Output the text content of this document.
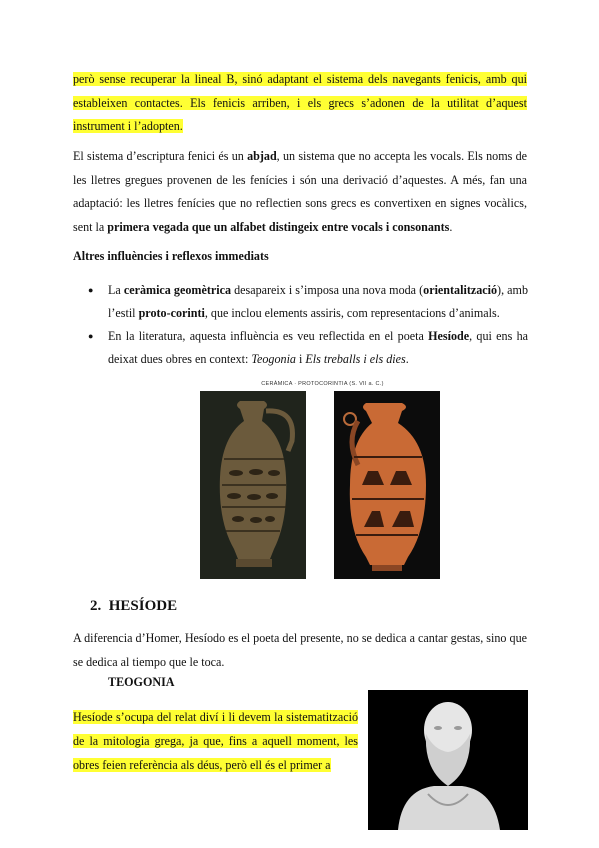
però sense recuperar la lineal B, sinó adaptant el sistema dels navegants fenicis, amb qui estableixen contactes. Els fenicis arriben, i els grecs s’adonen de la utilitat d’aquest instrument i l’adopten.
El sistema d’escriptura fenici és un abjad, un sistema que no accepta les vocals. Els noms de les lletres gregues provenen de les fenícies i són una derivació d’aquestes. A més, fan una adaptació: les lletres fenícies que no reflectien sons grecs es convertixen en signes vocàlics, sent la primera vegada que un alfabet distingeix entre vocals i consonants.
Altres influències i reflexos immediats
● La ceràmica geomètrica desapareix i s’imposa una nova moda (orientalització), amb l’estil proto-corinti, que inclou elements assiris, com representacions d’animals.
● En la literatura, aquesta influència es veu reflectida en el poeta Hesíode, qui ens ha deixat dues obres en context: Teogonia i Els treballs i els dies.
CERÀMICA · PROTOCORINTIA (S. VII a. C.)
2. HESÍODE
A diferencia d’Homer, Hesíodo es el poeta del presente, no se dedica a cantar gestas, sino que se dedica al tiempo que le toca.
TEOGONIA
Hesíode s’ocupa del relat diví i li devem la sistematització de la mitologia grega, ja que, fins a aquell moment, les obres feien referència als déus, però ell és el primer a
